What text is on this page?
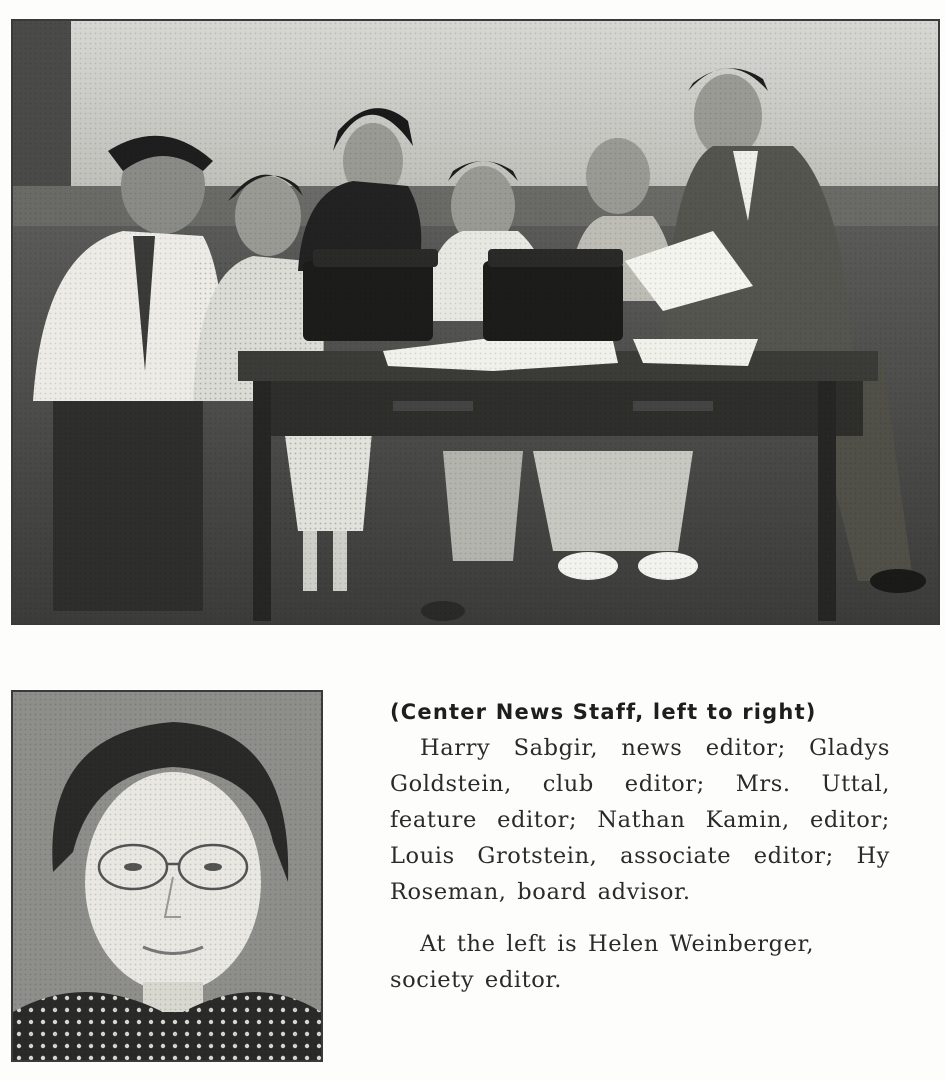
(Center News Staff, left to right)

Harry Sabgir, news editor; Gladys Goldstein, club editor; Mrs. Uttal, feature editor; Nathan Kamin, editor; Louis Grotstein, associate editor; Hy Roseman, board advisor.

At the left is Helen Weinberger, society editor.
